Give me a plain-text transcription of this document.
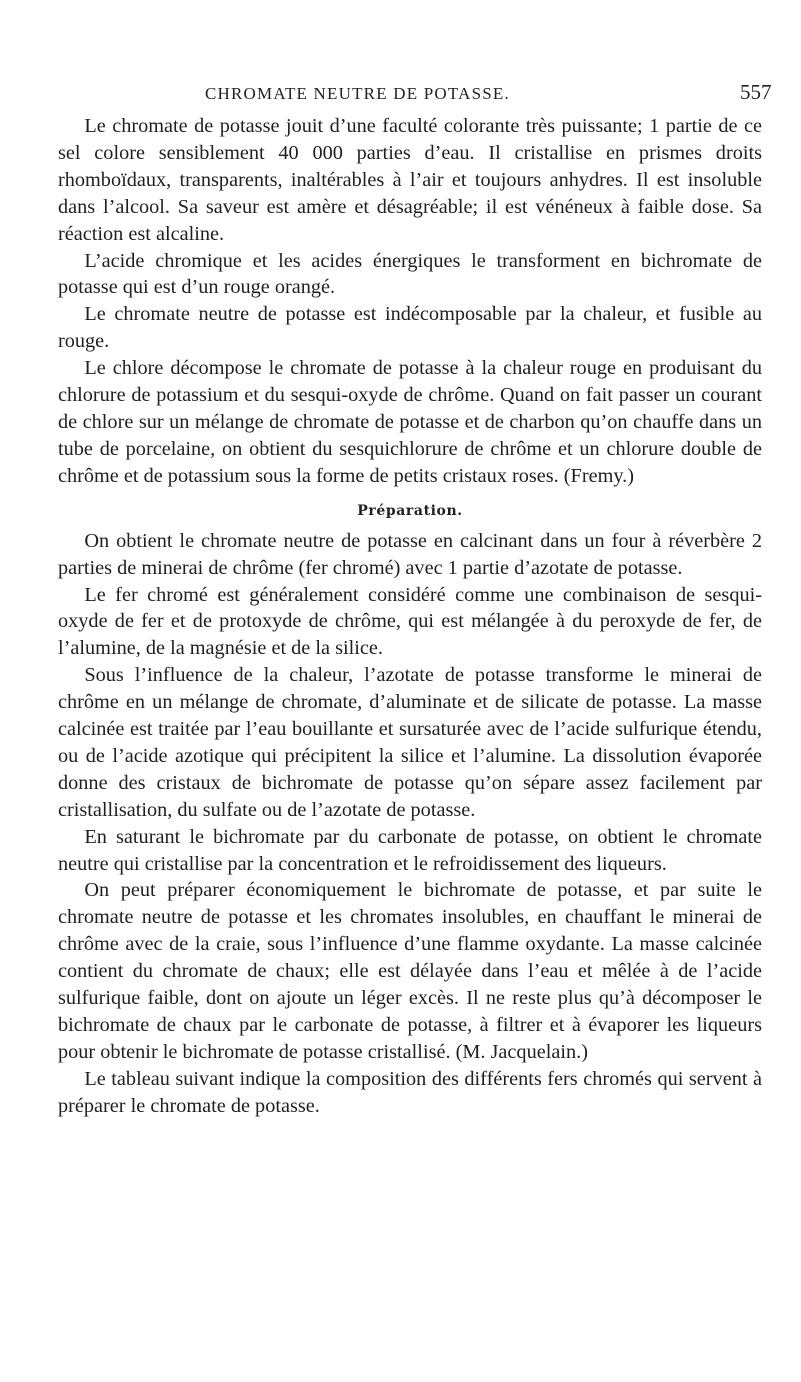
CHROMATE NEUTRE DE POTASSE.	557

Le chromate de potasse jouit d’une faculté colorante très puissante; 1 partie de ce sel colore sensiblement 40 000 parties d’eau. Il cristallise en prismes droits rhomboïdaux, transparents, inaltérables à l’air et toujours anhydres. Il est insoluble dans l’alcool. Sa saveur est amère et désagréable; il est vénéneux à faible dose. Sa réaction est alcaline.

L’acide chromique et les acides énergiques le transforment en bichromate de potasse qui est d’un rouge orangé.

Le chromate neutre de potasse est indécomposable par la chaleur, et fusible au rouge.

Le chlore décompose le chromate de potasse à la chaleur rouge en produisant du chlorure de potassium et du sesqui-oxyde de chrôme. Quand on fait passer un courant de chlore sur un mélange de chromate de potasse et de charbon qu’on chauffe dans un tube de porcelaine, on obtient du sesquichlorure de chrôme et un chlorure double de chrôme et de potassium sous la forme de petits cristaux roses. (Fremy.)

Préparation.

On obtient le chromate neutre de potasse en calcinant dans un four à réverbère 2 parties de minerai de chrôme (fer chromé) avec 1 partie d’azotate de potasse.

Le fer chromé est généralement considéré comme une combinaison de sesqui-oxyde de fer et de protoxyde de chrôme, qui est mélangée à du peroxyde de fer, de l’alumine, de la magnésie et de la silice.

Sous l’influence de la chaleur, l’azotate de potasse transforme le minerai de chrôme en un mélange de chromate, d’aluminate et de silicate de potasse. La masse calcinée est traitée par l’eau bouillante et sursaturée avec de l’acide sulfurique étendu, ou de l’acide azotique qui précipitent la silice et l’alumine. La dissolution évaporée donne des cristaux de bichromate de potasse qu’on sépare assez facilement par cristallisation, du sulfate ou de l’azotate de potasse.

En saturant le bichromate par du carbonate de potasse, on obtient le chromate neutre qui cristallise par la concentration et le refroidissement des liqueurs.

On peut préparer économiquement le bichromate de potasse, et par suite le chromate neutre de potasse et les chromates insolubles, en chauffant le minerai de chrôme avec de la craie, sous l’influence d’une flamme oxydante. La masse calcinée contient du chromate de chaux; elle est délayée dans l’eau et mêlée à de l’acide sulfurique faible, dont on ajoute un léger excès. Il ne reste plus qu’à décomposer le bichromate de chaux par le carbonate de potasse, à filtrer et à évaporer les liqueurs pour obtenir le bichromate de potasse cristallisé. (M. Jacquelain.)

Le tableau suivant indique la composition des différents fers chromés qui servent à préparer le chromate de potasse.
